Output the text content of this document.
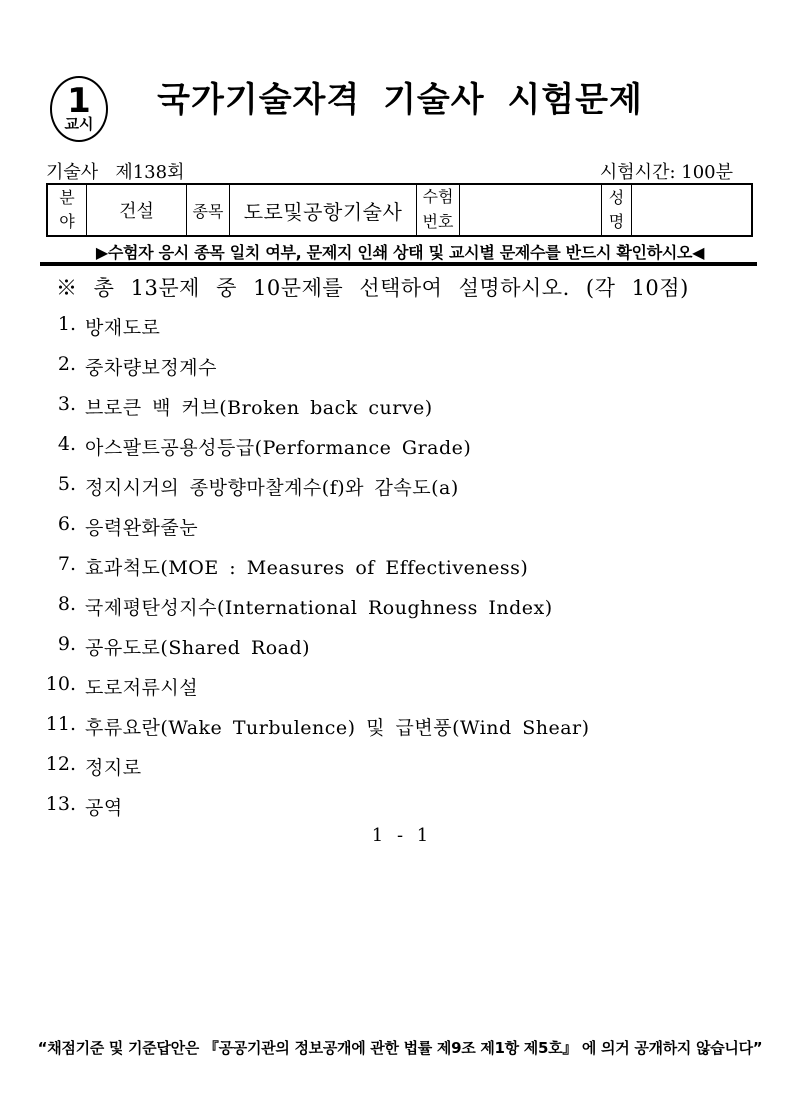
1
교시
국가기술자격 기술사 시험문제
기술사   제138회	시험시간: 100분
분야 건설 종목 도로및공항기술사
수험번호
성명
▶수험자 응시 종목 일치 여부, 문제지 인쇄 상태 및 교시별 문제수를 반드시 확인하시오◀
※ 총 13문제 중 10문제를 선택하여 설명하시오. (각 10점)
1. 방재도로
2. 중차량보정계수
3. 브로큰 백 커브(Broken back curve)
4. 아스팔트공용성등급(Performance Grade)
5. 정지시거의 종방향마찰계수(f)와 감속도(a)
6. 응력완화줄눈
7. 효과척도(MOE : Measures of Effectiveness)
8. 국제평탄성지수(International Roughness Index)
9. 공유도로(Shared Road)
10. 도로저류시설
11. 후류요란(Wake Turbulence) 및 급변풍(Wind Shear)
12. 정지로
13. 공역
1 - 1
“채점기준 및 기준답안은 『공공기관의 정보공개에 관한 법률 제9조 제1항 제5호』 에 의거 공개하지 않습니다”
